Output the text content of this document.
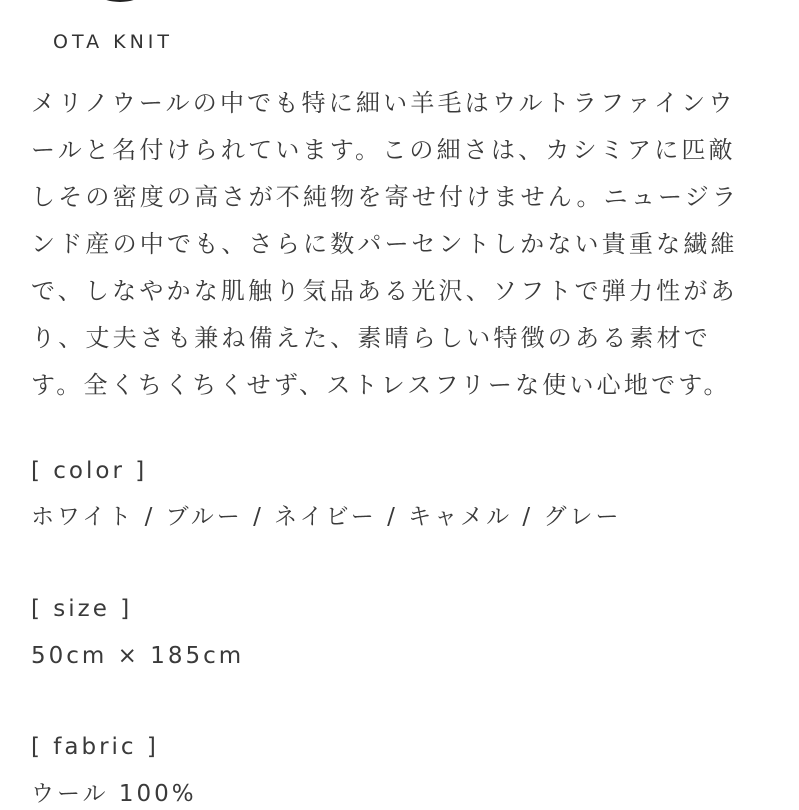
OTA KNIT

メリノウールの中でも特に細い羊毛はウルトラファインウ
ールと名付けられています。この細さは、カシミアに匹敵
しその密度の高さが不純物を寄せ付けません。ニュージラ
ンド産の中でも、さらに数パーセントしかない貴重な繊維
で、しなやかな肌触り気品ある光沢、ソフトで弾力性があ
り、丈夫さも兼ね備えた、素晴らしい特徴のある素材で
す。全くちくちくせず、ストレスフリーな使い心地です。

[ color ]

ホワイト / ブルー / ネイビー / キャメル / グレー

[ size ]

50cm × 185cm

[ fabric ]

ウール 100%
